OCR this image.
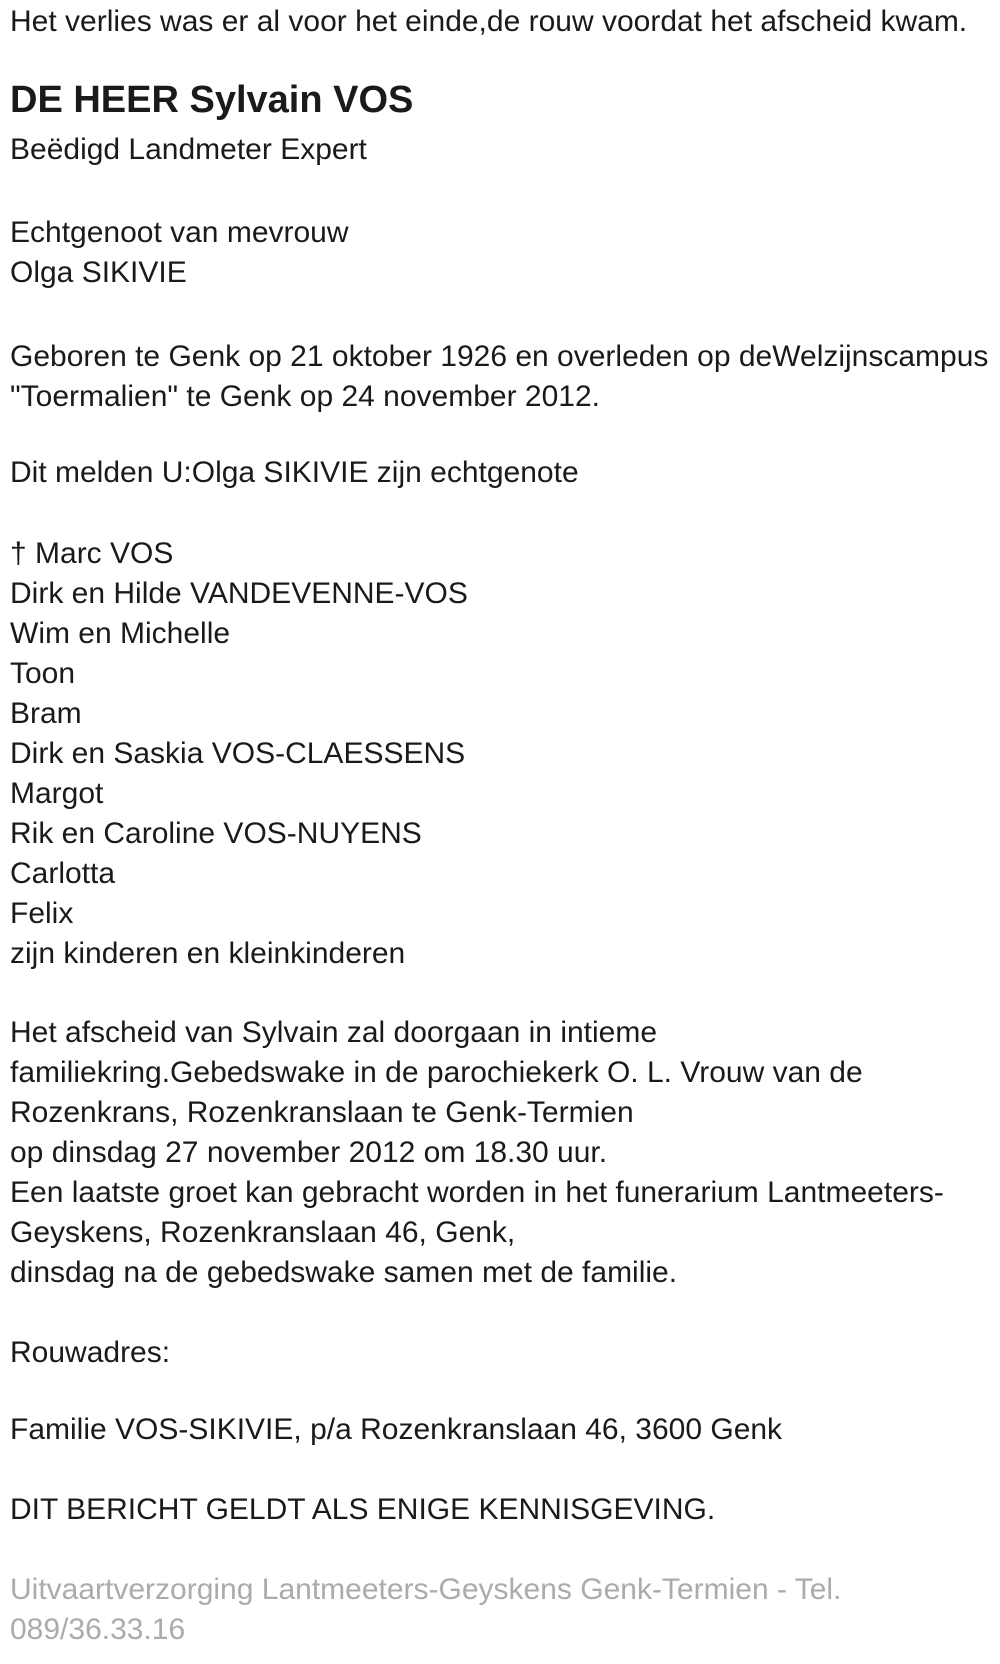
Het verlies was er al voor het einde,de rouw voordat het afscheid kwam.

DE HEER Sylvain VOS

Beëdigd Landmeter Expert

Echtgenoot van mevrouw
Olga SIKIVIE
Geboren te Genk op 21 oktober 1926 en overleden op deWelzijnscampus
"Toermalien" te Genk op 24 november 2012.

Dit melden U:Olga SIKIVIE zijn echtgenote

† Marc VOS
Dirk en Hilde VANDEVENNE-VOS
Wim en Michelle
Toon
Bram
Dirk en Saskia VOS-CLAESSENS
Margot
Rik en Caroline VOS-NUYENS
Carlotta
Felix
zijn kinderen en kleinkinderen
Het afscheid van Sylvain zal doorgaan in intieme
familiekring.Gebedswake in de parochiekerk O. L. Vrouw van de
Rozenkrans, Rozenkranslaan te Genk-Termien
op dinsdag 27 november 2012 om 18.30 uur.
Een laatste groet kan gebracht worden in het funerarium Lantmeeters-
Geyskens, Rozenkranslaan 46, Genk,
dinsdag na de gebedswake samen met de familie.

Rouwadres:

Familie VOS-SIKIVIE, p/a Rozenkranslaan 46, 3600 Genk

DIT BERICHT GELDT ALS ENIGE KENNISGEVING.

Uitvaartverzorging Lantmeeters-Geyskens Genk-Termien - Tel.
089/36.33.16
